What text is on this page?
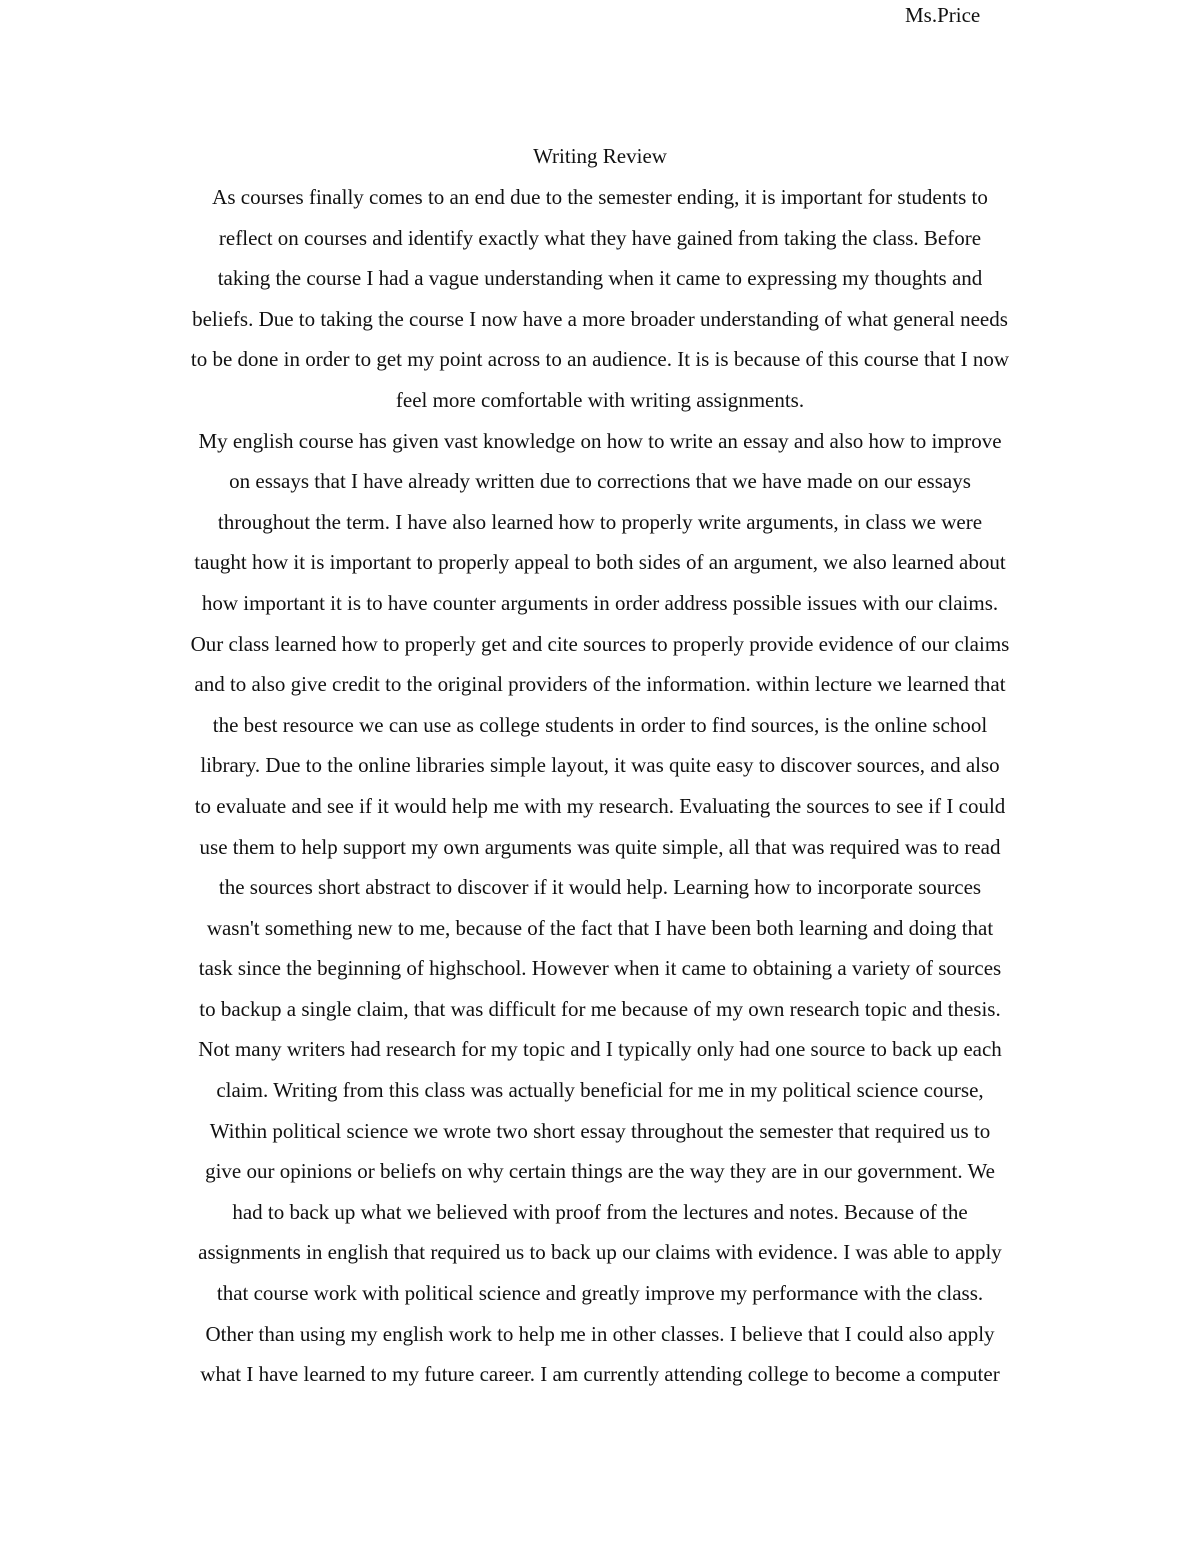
Ms.Price
Writing Review
As courses finally comes to an end due to the semester ending, it is important for students to
reflect on courses and identify exactly what they have gained from taking the class. Before
taking the course I had a vague understanding when it came to expressing my thoughts and
beliefs. Due to taking the course I now have a more broader understanding of what general needs
to be done in order to get my point across to an audience. It is is because of this course that I now
feel more comfortable with writing assignments.
My english course has given vast knowledge on how to write an essay and also how to improve
on essays that I have already written due to corrections that we have made on our essays
throughout the term. I have also learned how to properly write arguments, in class we were
taught how it is important to properly appeal to both sides of an argument, we also learned about
how important it is to have counter arguments in order address possible issues with our claims.
Our class learned how to properly get and cite sources to properly provide evidence of our claims
and to also give credit to the original providers of the information. within lecture we learned that
the best resource we can use as college students in order to find sources, is the online school
library. Due to the online libraries simple layout, it was quite easy to discover sources, and also
to evaluate and see if it would help me with my research. Evaluating the sources to see if I could
use them to help support my own arguments was quite simple, all that was required was to read
the sources short abstract to discover if it would help. Learning how to incorporate sources
wasn't something new to me, because of the fact that I have been both learning and doing that
task since the beginning of highschool. However when it came to obtaining a variety of sources
to backup a single claim, that was difficult for me because of my own research topic and thesis.
Not many writers had research for my topic and I typically only had one source to back up each
claim. Writing from this class was actually beneficial for me in my political science course,
Within political science we wrote two short essay throughout the semester that required us to
give our opinions or beliefs on why certain things are the way they are in our government. We
had to back up what we believed with proof from the lectures and notes. Because of the
assignments in english that required us to back up our claims with evidence. I was able to apply
that course work with political science and greatly improve my performance with the class.
Other than using my english work to help me in other classes. I believe that I could also apply
what I have learned to my future career. I am currently attending college to become a computer
